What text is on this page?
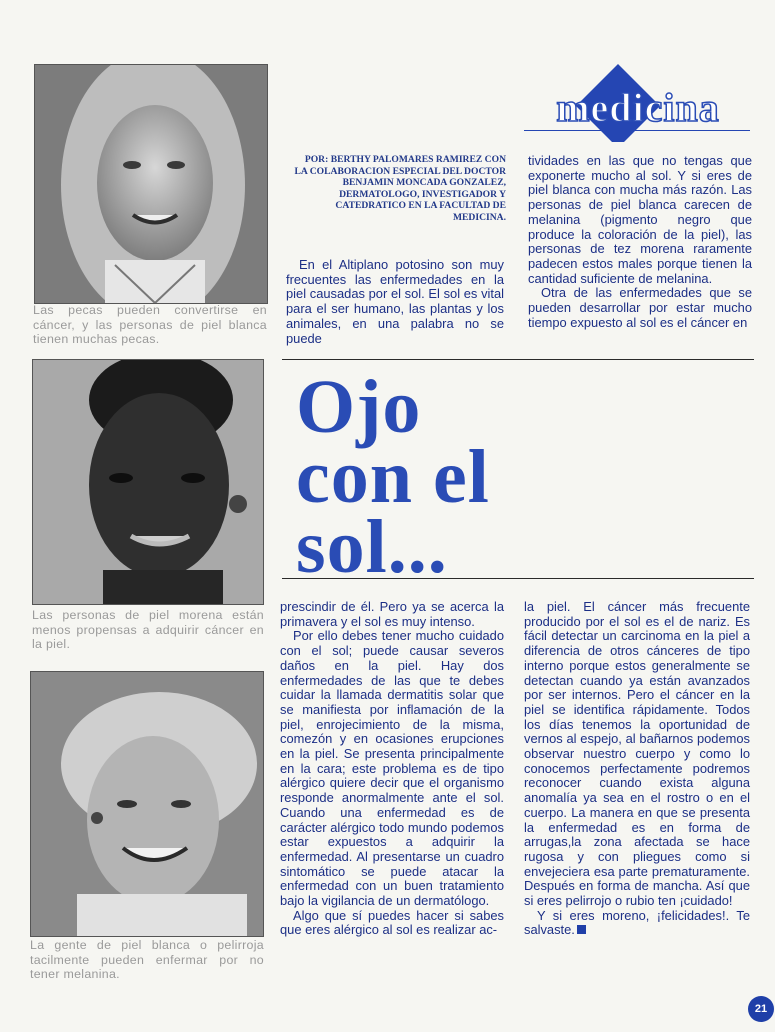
medicina
Las pecas pueden convertirse en cáncer, y las personas de piel blanca tienen muchas pecas.
Las personas de piel morena están menos propensas a adquirir cáncer en la piel.
La gente de piel blanca o pelirroja tacilmente pueden enfermar por no tener melanina.
POR: BERTHY PALOMARES RAMIREZ CON LA COLABORACION ESPECIAL DEL DOCTOR BENJAMIN MONCADA GONZALEZ, DERMATOLOGO, INVESTIGADOR Y CATEDRATICO EN LA FACULTAD DE MEDICINA.

En el Altiplano potosino son muy frecuentes las enfermedades en la piel causadas por el sol. El sol es vital para el ser humano, las plantas y los animales, en una palabra no se puede

tividades en las que no tengas que exponerte mucho al sol. Y si eres de piel blanca con mucha más razón. Las personas de piel blanca carecen de melanina (pigmento negro que produce la coloración de la piel), las personas de tez morena raramente padecen estos males porque tienen la cantidad suficiente de melanina.

Otra de las enfermedades que se pueden desarrollar por estar mucho tiempo expuesto al sol es el cáncer en

Ojo
con el
sol...

prescindir de él. Pero ya se acerca la primavera y el sol es muy intenso.

Por ello debes tener mucho cuidado con el sol; puede causar severos daños en la piel. Hay dos enfermedades de las que te debes cuidar la llamada dermatitis solar que se manifiesta por inflamación de la piel, enrojecimiento de la misma, comezón y en ocasiones erupciones en la piel. Se presenta principalmente en la cara; este problema es de tipo alérgico quiere decir que el organismo responde anormalmente ante el sol. Cuando una enfermedad es de carácter alérgico todo mundo podemos estar expuestos a adquirir la enfermedad. Al presentarse un cuadro sintomático se puede atacar la enfermedad con un buen tratamiento bajo la vigilancia de un dermatólogo.

Algo que sí puedes hacer si sabes que eres alérgico al sol es realizar ac-

la piel. El cáncer más frecuente producido por el sol es el de nariz. Es fácil detectar un carcinoma en la piel a diferencia de otros cánceres de tipo interno porque estos generalmente se detectan cuando ya están avanzados por ser internos. Pero el cáncer en la piel se identifica rápidamente. Todos los días tenemos la oportunidad de vernos al espejo, al bañarnos podemos observar nuestro cuerpo y como lo conocemos perfectamente podremos reconocer cuando exista alguna anomalía ya sea en el rostro o en el cuerpo. La manera en que se presenta la enfermedad es en forma de arrugas,la zona afectada se hace rugosa y con pliegues como si envejeciera esa parte prematuramente. Después en forma de mancha. Así que si eres pelirrojo o rubio ten ¡cuidado!

Y si eres moreno, ¡felicidades!. Te salvaste.

21
